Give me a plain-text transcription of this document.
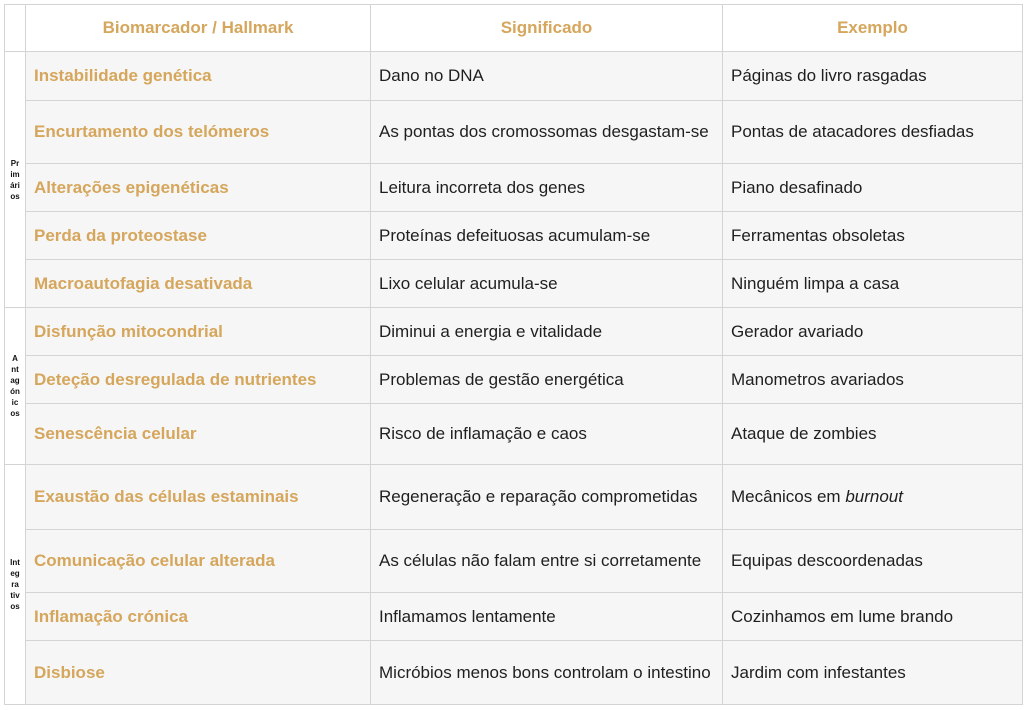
	Biomarcador / Hallmark	Significado	Exemplo
Primários	Instabilidade genética	Dano no DNA	Páginas do livro rasgadas
	Encurtamento dos telómeros	As pontas dos cromossomas desgastam-se	Pontas de atacadores desfiadas
	Alterações epigenéticas	Leitura incorreta dos genes	Piano desafinado
	Perda da proteostase	Proteínas defeituosas acumulam-se	Ferramentas obsoletas
	Macroautofagia desativada	Lixo celular acumula-se	Ninguém limpa a casa
Antagónicos	Disfunção mitocondrial	Diminui a energia e vitalidade	Gerador avariado
	Deteção desregulada de nutrientes	Problemas de gestão energética	Manometros avariados
	Senescência celular	Risco de inflamação e caos	Ataque de zombies
Integrativos	Exaustão das células estaminais	Regeneração e reparação comprometidas	Mecânicos em burnout
	Comunicação celular alterada	As células não falam entre si corretamente	Equipas descoordenadas
	Inflamação crónica	Inflamamos lentamente	Cozinhamos em lume brando
	Disbiose	Micróbios menos bons controlam o intestino	Jardim com infestantes
